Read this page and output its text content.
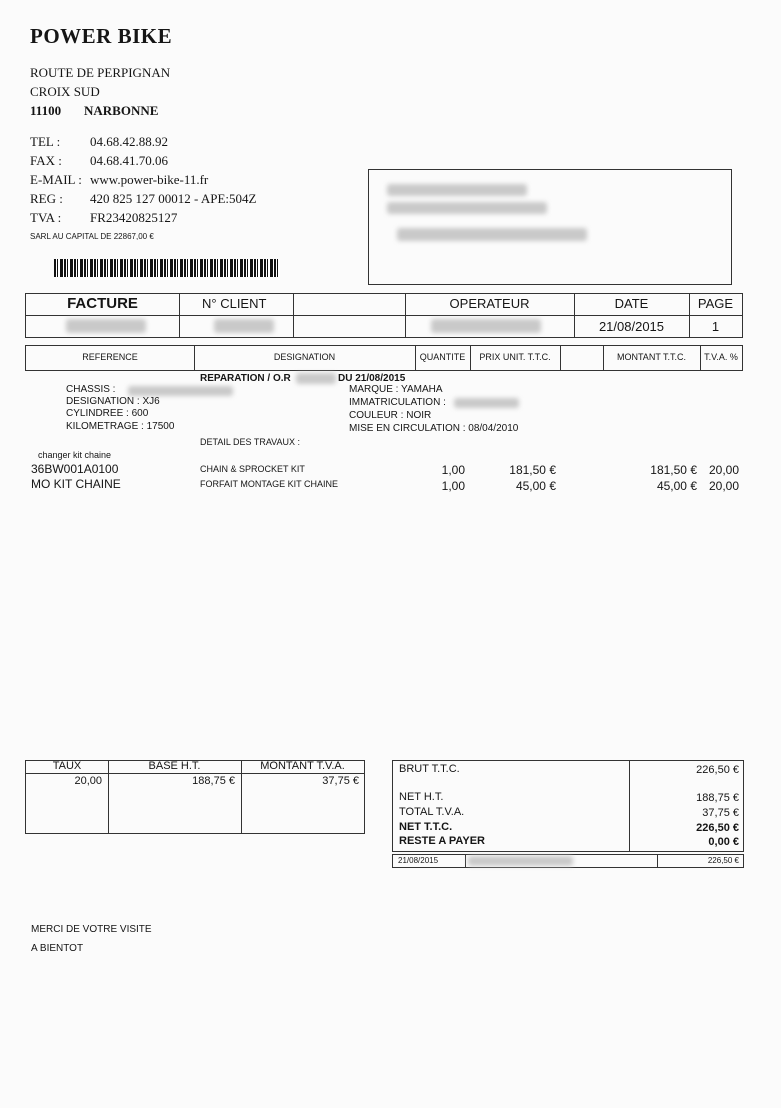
POWER BIKE
ROUTE DE PERPIGNAN
CROIX SUD
11100 NARBONNE
TEL : 04.68.42.88.92
FAX : 04.68.41.70.06
E-MAIL : www.power-bike-11.fr
REG : 420 825 127 00012 - APE:504Z
TVA : FR23420825127
SARL AU CAPITAL DE 22867,00 €
FACTURE	N° CLIENT	OPERATEUR	DATE	PAGE
21/08/2015	1
REFERENCE	DESIGNATION	QUANTITE	PRIX UNIT. T.T.C.	MONTANT T.T.C.	T.V.A. %
REPARATION / O.R	DU 21/08/2015
CHASSIS :
DESIGNATION : XJ6
CYLINDREE : 600
KILOMETRAGE : 17500
MARQUE : YAMAHA
IMMATRICULATION :
COULEUR : NOIR
MISE EN CIRCULATION : 08/04/2010
DETAIL DES TRAVAUX :
changer kit chaine
36BW001A0100	CHAIN & SPROCKET KIT	1,00	181,50 €	181,50 € 20,00
MO KIT CHAINE	FORFAIT MONTAGE KIT CHAINE	1,00	45,00 €	45,00 € 20,00
TAUX	BASE H.T.	MONTANT T.V.A.
20,00	188,75 €	37,75 €
BRUT T.T.C.	226,50 €
NET H.T.	188,75 €
TOTAL T.V.A.	37,75 €
NET T.T.C.	226,50 €
RESTE A PAYER	0,00 €
21/08/2015	226,50 €
MERCI DE VOTRE VISITE
A BIENTOT
